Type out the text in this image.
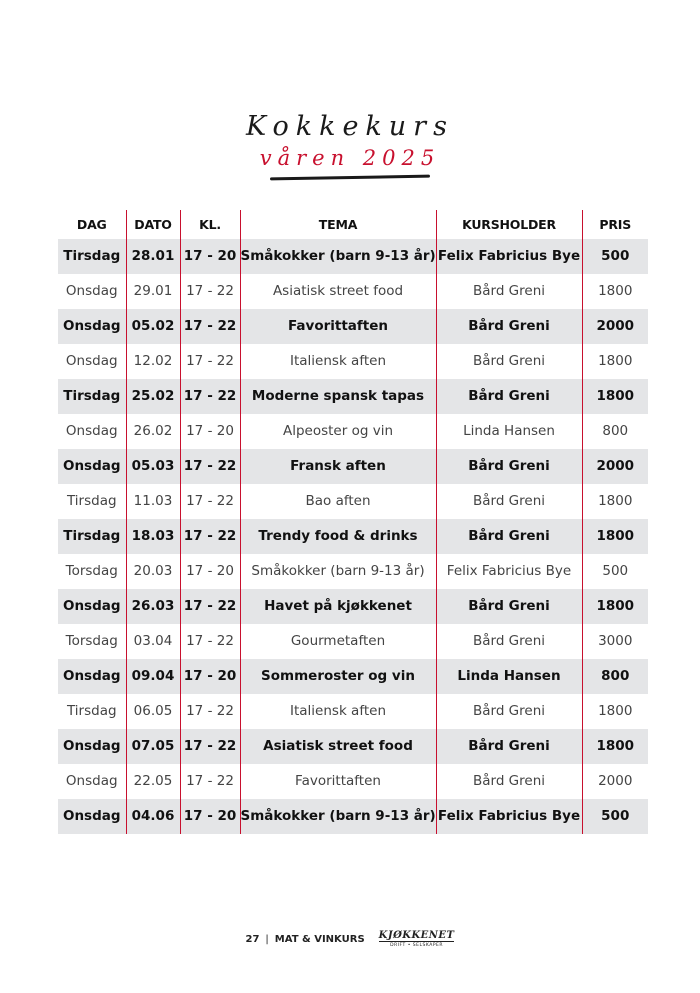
Kokkekurs
våren 2025
DAG	DATO	KL.	TEMA	KURSHOLDER	PRIS
Tirsdag	28.01	17 - 20	Småkokker (barn 9-13 år)	Felix Fabricius Bye	500
Onsdag	29.01	17 - 22	Asiatisk street food	Bård Greni	1800
Onsdag	05.02	17 - 22	Favorittaften	Bård Greni	2000
Onsdag	12.02	17 - 22	Italiensk aften	Bård Greni	1800
Tirsdag	25.02	17 - 22	Moderne spansk tapas	Bård Greni	1800
Onsdag	26.02	17 - 20	Alpeoster og vin	Linda Hansen	800
Onsdag	05.03	17 - 22	Fransk aften	Bård Greni	2000
Tirsdag	11.03	17 - 22	Bao aften	Bård Greni	1800
Tirsdag	18.03	17 - 22	Trendy food & drinks	Bård Greni	1800
Torsdag	20.03	17 - 20	Småkokker (barn 9-13 år)	Felix Fabricius Bye	500
Onsdag	26.03	17 - 22	Havet på kjøkkenet	Bård Greni	1800
Torsdag	03.04	17 - 22	Gourmetaften	Bård Greni	3000
Onsdag	09.04	17 - 20	Sommeroster og vin	Linda Hansen	800
Tirsdag	06.05	17 - 22	Italiensk aften	Bård Greni	1800
Onsdag	07.05	17 - 22	Asiatisk street food	Bård Greni	1800
Onsdag	22.05	17 - 22	Favorittaften	Bård Greni	2000
Onsdag	04.06	17 - 20	Småkokker (barn 9-13 år)	Felix Fabricius Bye	500
27 | MAT & VINKURS KJØKKENET
DRIFT • SELSKAPER
